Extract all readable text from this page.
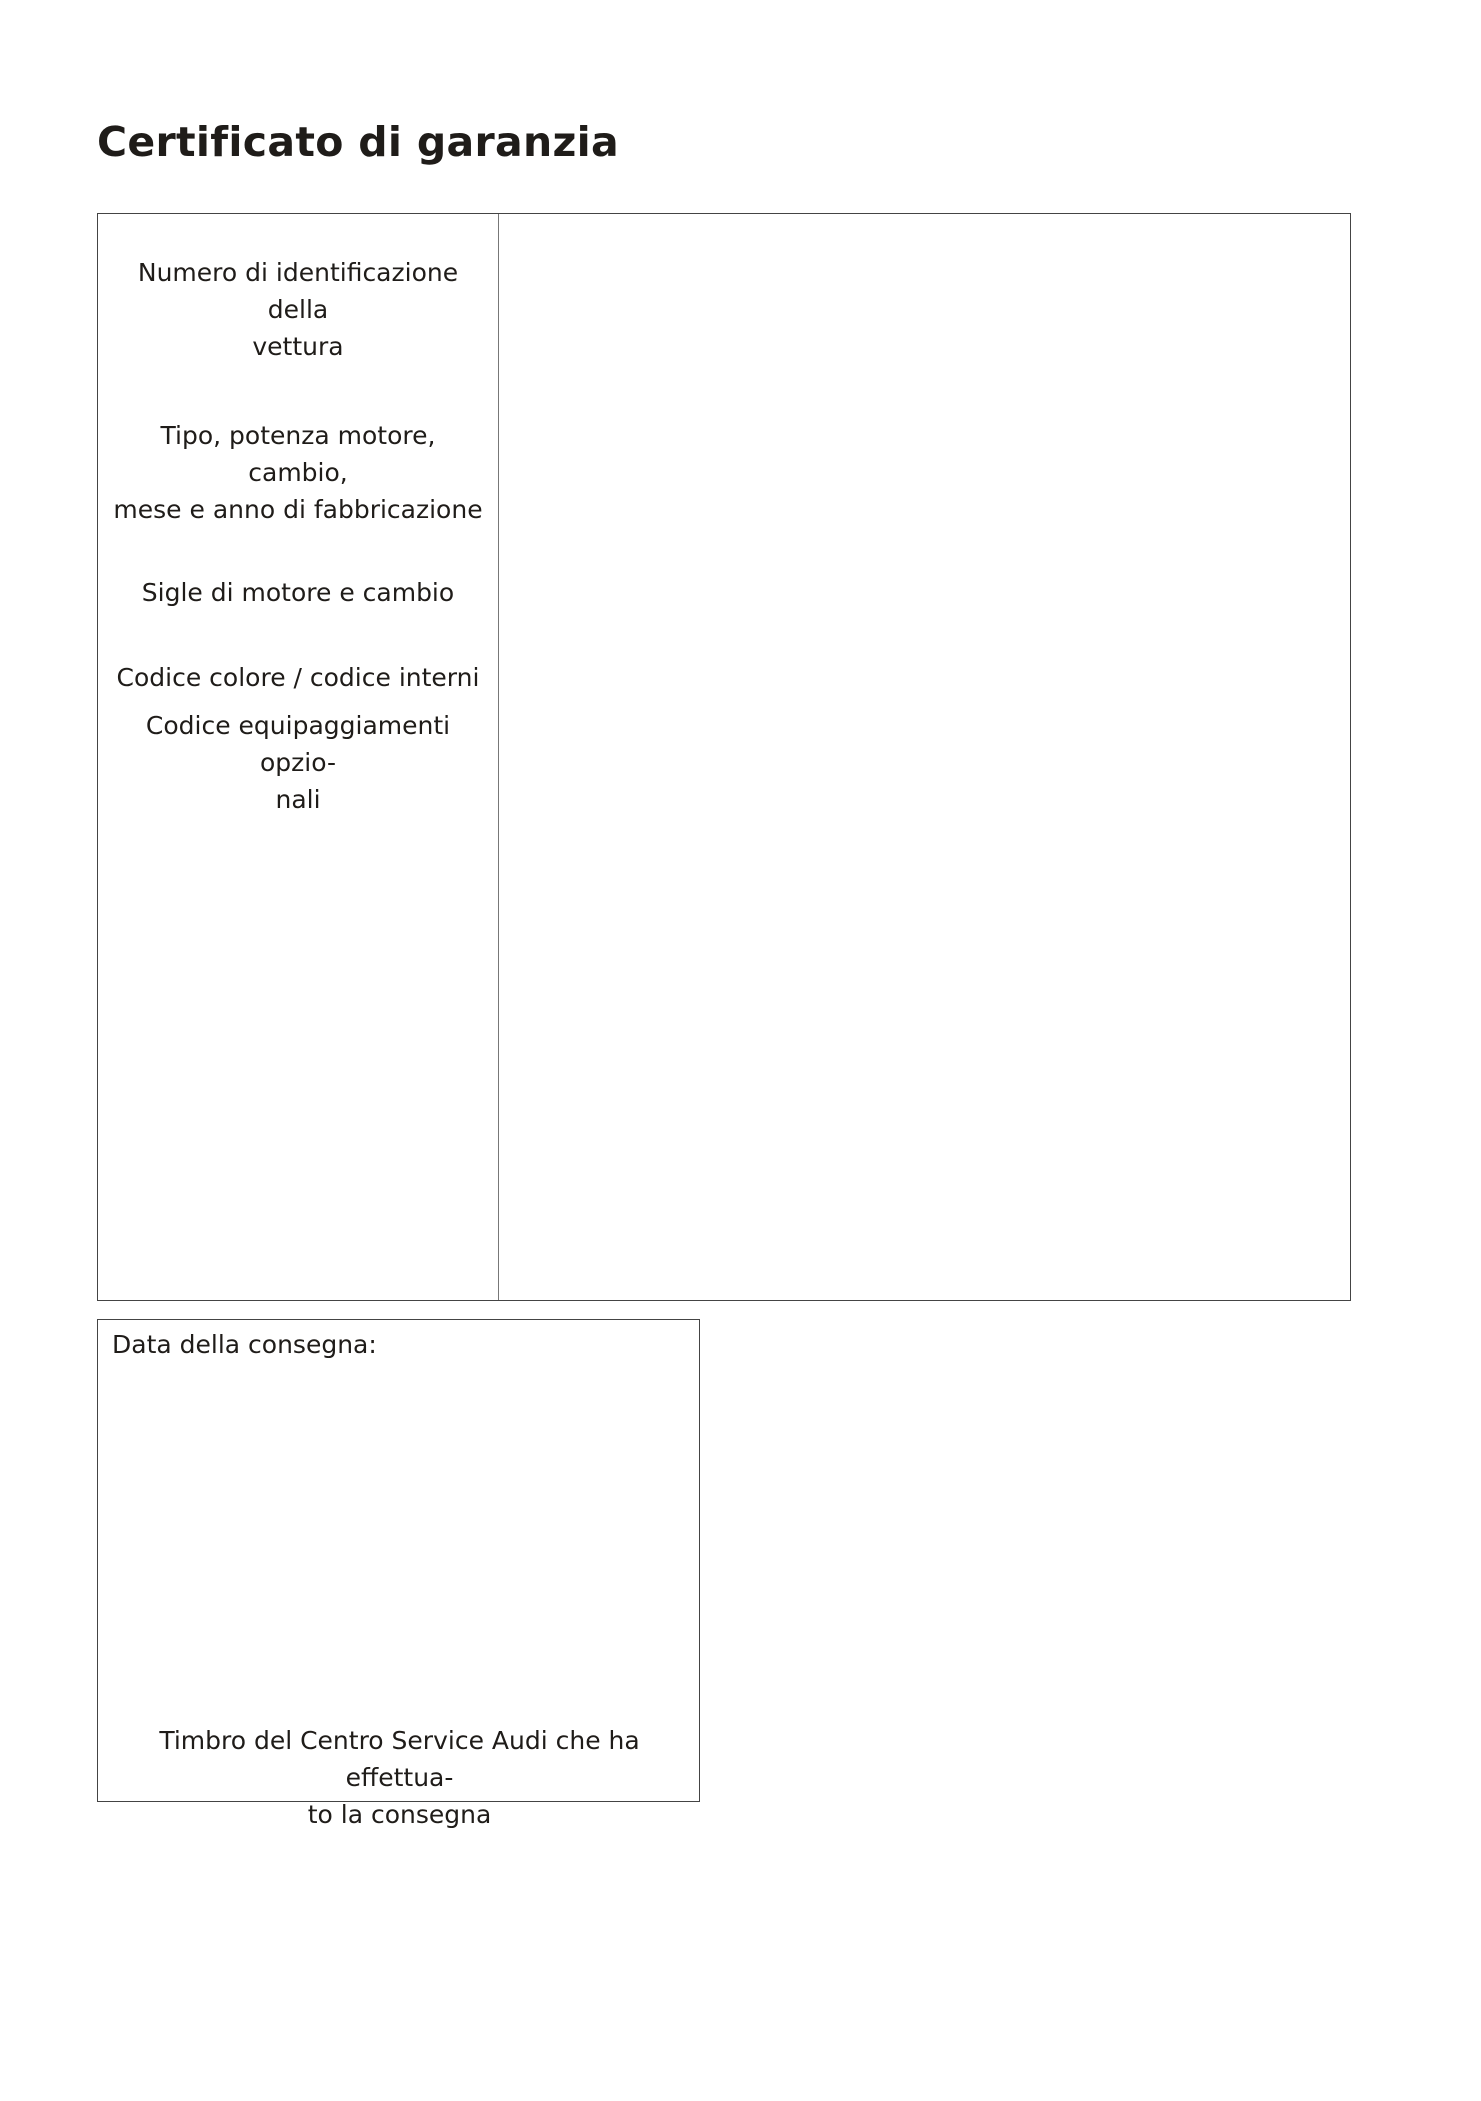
Certificato di garanzia
Numero di identificazione della
vettura
Tipo, potenza motore, cambio,
mese e anno di fabbricazione
Sigle di motore e cambio
Codice colore / codice interni
Codice equipaggiamenti opzio-
nali
Data della consegna:
Timbro del Centro Service Audi che ha effettua-
to la consegna
